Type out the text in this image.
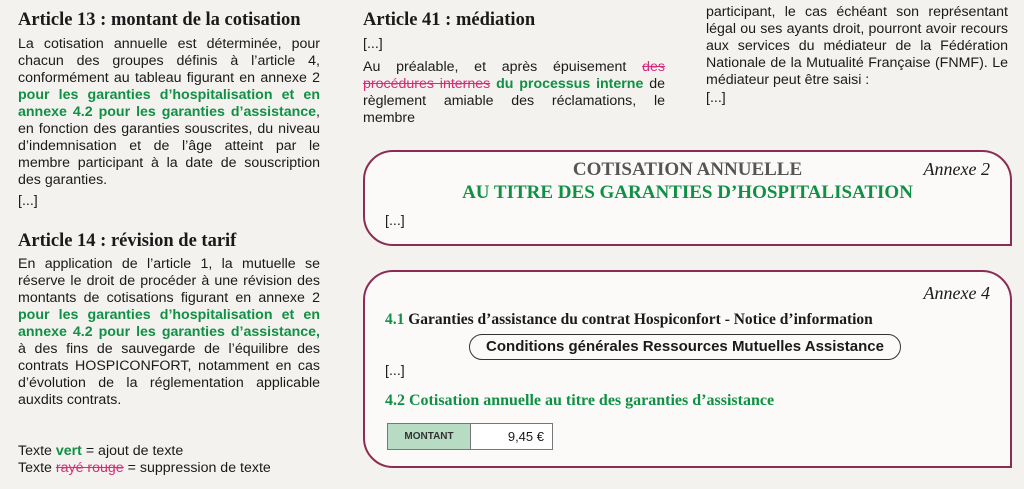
Article 13 : montant de la cotisation

La cotisation annuelle est déterminée, pour chacun des groupes définis à l’article 4, conformément au tableau figurant en annexe 2 pour les garanties d’hospitalisation et en annexe 4.2 pour les garanties d’assistance, en fonction des garanties souscrites, du niveau d’indemnisation et de l’âge atteint par le membre participant à la date de souscription des garanties.

[...]
Article 14 : révision de tarif

En application de l’article 1, la mutuelle se réserve le droit de procéder à une révision des montants de cotisations figurant en annexe 2 pour les garanties d’hospitalisation et en annexe 4.2 pour les garanties d’assistance, à des fins de sauvegarde de l’équilibre des contrats HOSPICONFORT, notamment en cas d’évolution de la réglementation applicable auxdits contrats.

Texte vert = ajout de texte
Texte rayé rouge = suppression de texte
Article 41 : médiation
[...]

Au préalable, et après épuisement des procédures internes du processus interne de règlement amiable des réclamations, le membre

participant, le cas échéant son représentant légal ou ses ayants droit, pourront avoir recours aux services du médiateur de la Fédération Nationale de la Mutualité Française (FNMF). Le médiateur peut être saisi :

[...]
Annexe 2
COTISATION ANNUELLE
AU TITRE DES GARANTIES D’HOSPITALISATION
[...]
Annexe 4
4.1 Garanties d’assistance du contrat Hospiconfort - Notice d’information
Conditions générales Ressources Mutuelles Assistance
[...]
4.2 Cotisation annuelle au titre des garanties d’assistance
MONTANT	9,45 €
